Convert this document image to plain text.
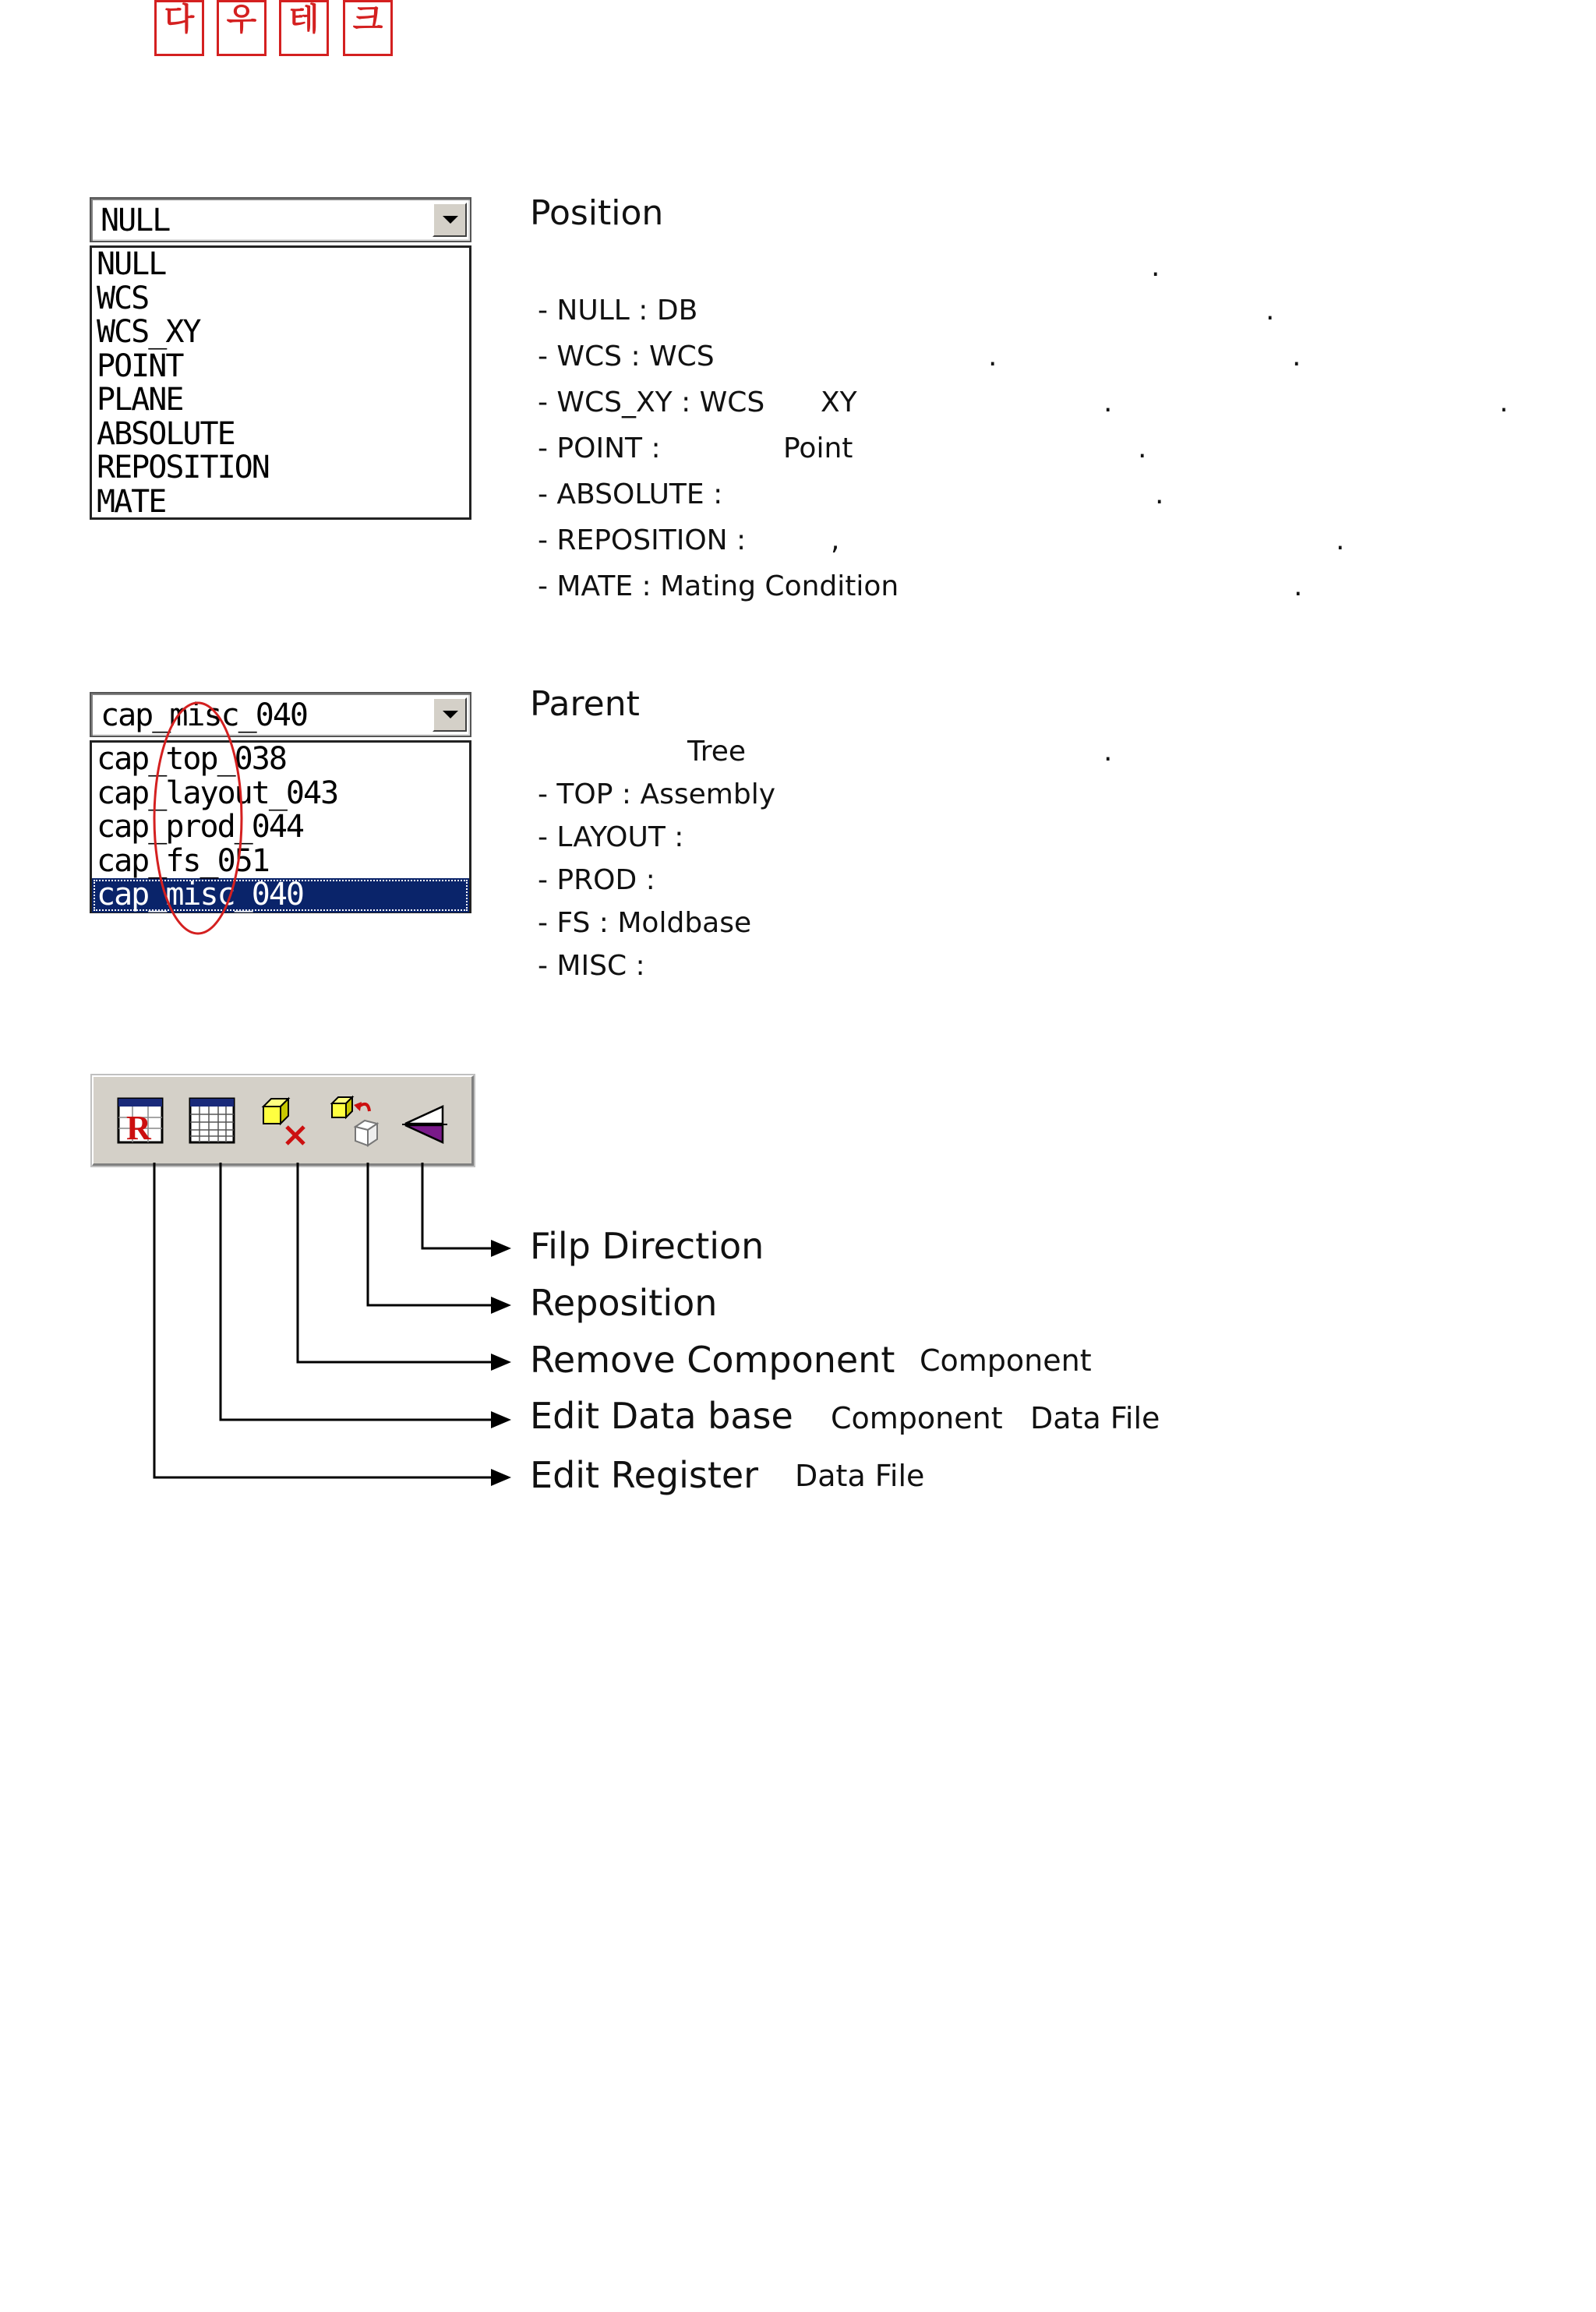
다	우	테	크
NULL
NULL
WCS
WCS_XY
POINT
PLANE
ABSOLUTE
REPOSITION
MATE
Position
.
- NULL : DB	.
- WCS : WCS	.	.
- WCS_XY : WCS XY	.	.
- POINT :	Point	.
- ABSOLUTE :	.
- REPOSITION :	,	.
- MATE : Mating Condition	.
cap_misc_040
cap_top_038
cap_layout_043
cap_prod_044
cap_fs_051
cap_misc_040
Parent
Tree	.
- TOP : Assembly
- LAYOUT :
- PROD :
- FS : Moldbase
- MISC :
R
Filp Direction
Reposition
Remove Component Component
Edit Data base Component Data File
Edit Register Data File
